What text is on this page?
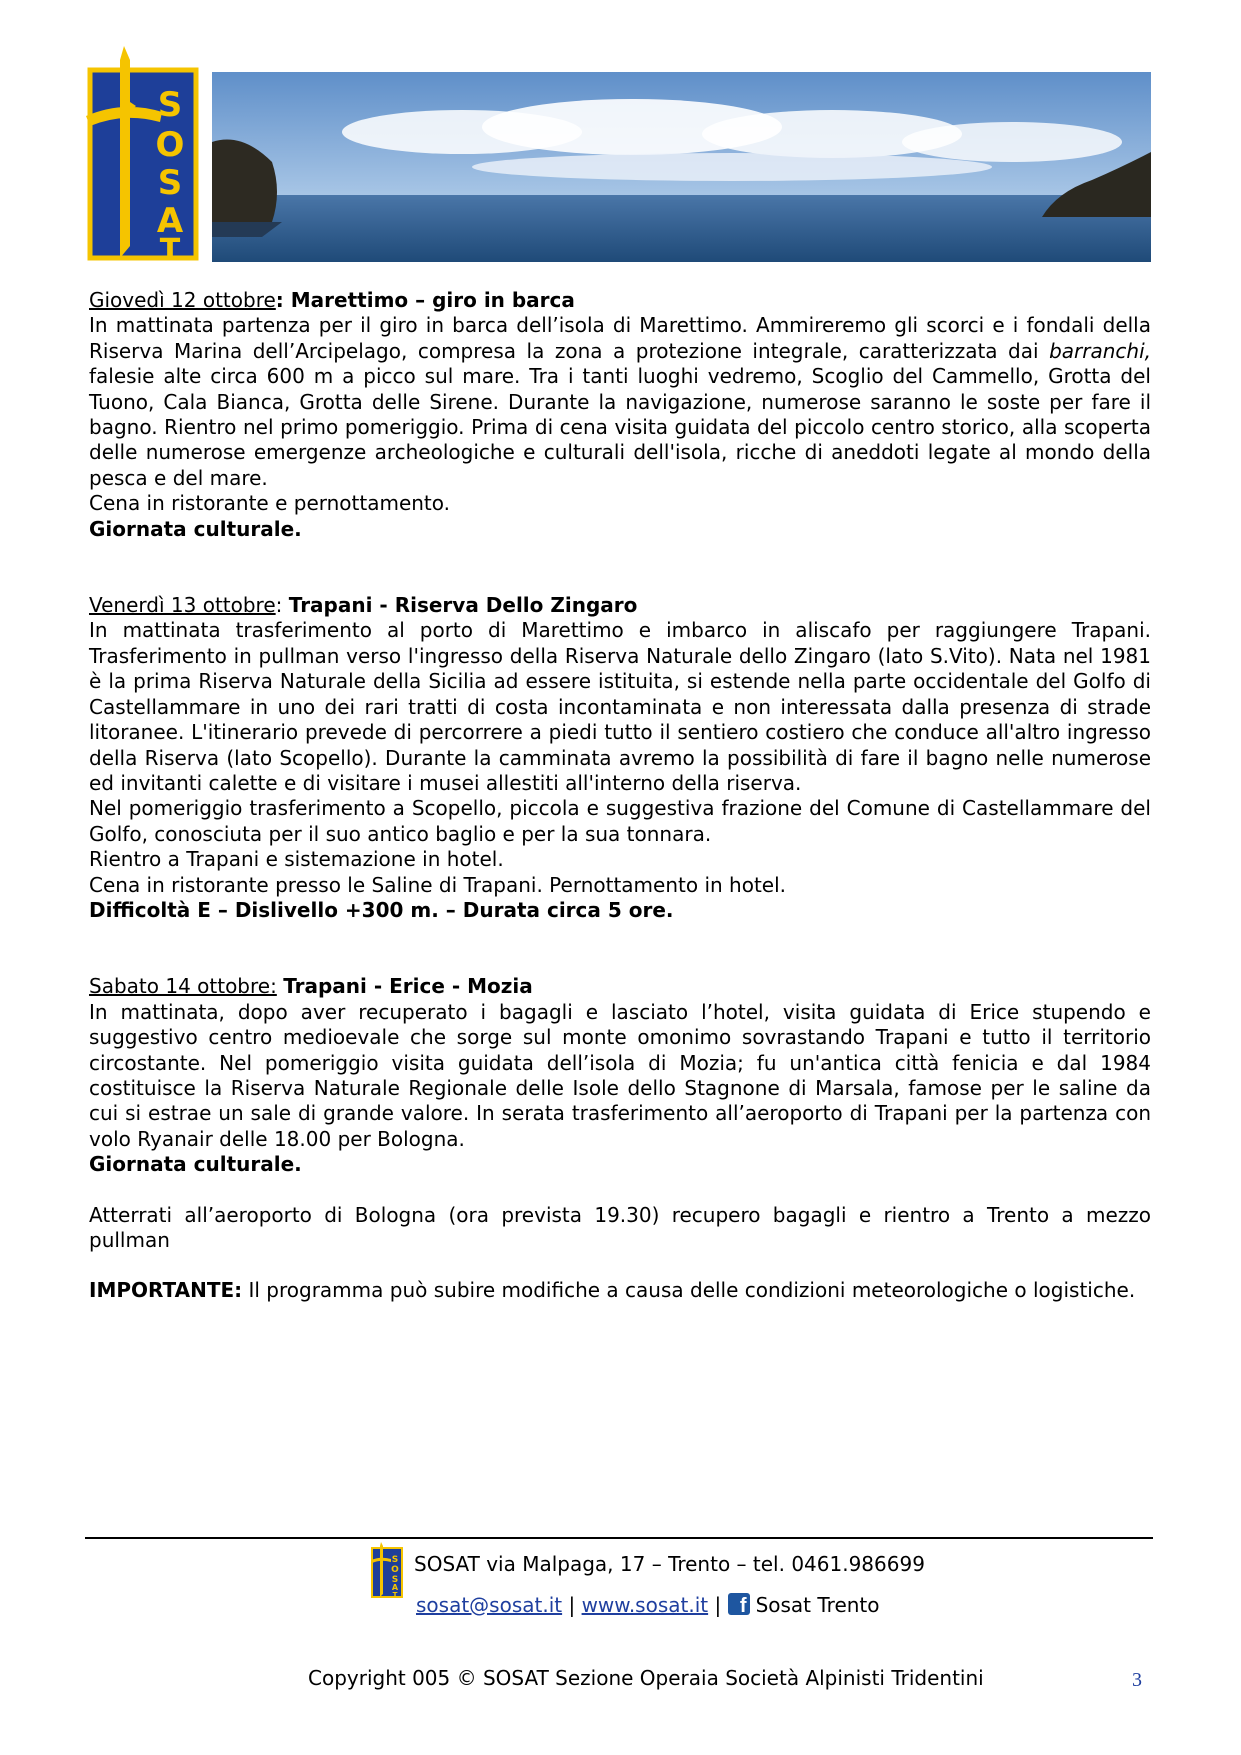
S
O
S
A
T

Giovedì 12 ottobre: Marettimo – giro in barca

In mattinata partenza per il giro in barca dell’isola di Marettimo. Ammireremo gli scorci e i fondali della Riserva Marina dell’Arcipelago, compresa la zona a protezione integrale, caratterizzata dai barranchi, falesie alte circa 600 m a picco sul mare. Tra i tanti luoghi vedremo, Scoglio del Cammello, Grotta del Tuono, Cala Bianca, Grotta delle Sirene. Durante la navigazione, numerose saranno le soste per fare il bagno. Rientro nel primo pomeriggio. Prima di cena visita guidata del piccolo centro storico, alla scoperta delle numerose emergenze archeologiche e culturali dell'isola, ricche di aneddoti legate al mondo della pesca e del mare.

Cena in ristorante e pernottamento.

Giornata culturale.

Venerdì 13 ottobre: Trapani - Riserva Dello Zingaro

In mattinata trasferimento al porto di Marettimo e imbarco in aliscafo per raggiungere Trapani. Trasferimento in pullman verso l'ingresso della Riserva Naturale dello Zingaro (lato S.Vito). Nata nel 1981 è la prima Riserva Naturale della Sicilia ad essere istituita, si estende nella parte occidentale del Golfo di Castellammare in uno dei rari tratti di costa incontaminata e non interessata dalla presenza di strade litoranee. L'itinerario prevede di percorrere a piedi tutto il sentiero costiero che conduce all'altro ingresso della Riserva (lato Scopello). Durante la camminata avremo la possibilità di fare il bagno nelle numerose ed invitanti calette e di visitare i musei allestiti all'interno della riserva.

Nel pomeriggio trasferimento a Scopello, piccola e suggestiva frazione del Comune di Castellammare del Golfo, conosciuta per il suo antico baglio e per la sua tonnara.

Rientro a Trapani e sistemazione in hotel.

Cena in ristorante presso le Saline di Trapani. Pernottamento in hotel.

Difficoltà E – Dislivello +300 m. – Durata circa 5 ore.

Sabato 14 ottobre: Trapani - Erice - Mozia

In mattinata, dopo aver recuperato i bagagli e lasciato l’hotel, visita guidata di Erice stupendo e suggestivo centro medioevale che sorge sul monte omonimo sovrastando Trapani e tutto il territorio circostante. Nel pomeriggio visita guidata dell’isola di Mozia; fu un'antica città fenicia e dal 1984 costituisce la Riserva Naturale Regionale delle Isole dello Stagnone di Marsala, famose per le saline da cui si estrae un sale di grande valore. In serata trasferimento all’aeroporto di Trapani per la partenza con volo Ryanair delle 18.00 per Bologna.

Giornata culturale.

Atterrati all’aeroporto di Bologna (ora prevista 19.30) recupero bagagli e rientro a Trento a mezzo pullman

IMPORTANTE: Il programma può subire modifiche a causa delle condizioni meteorologiche o logistiche.

S
O
S
A
T
SOSAT via Malpaga, 17 – Trento – tel. 0461.986699
sosat@sosat.it | www.sosat.it | f Sosat Trento
Copyright 005 © SOSAT Sezione Operaia Società Alpinisti Tridentini	3
